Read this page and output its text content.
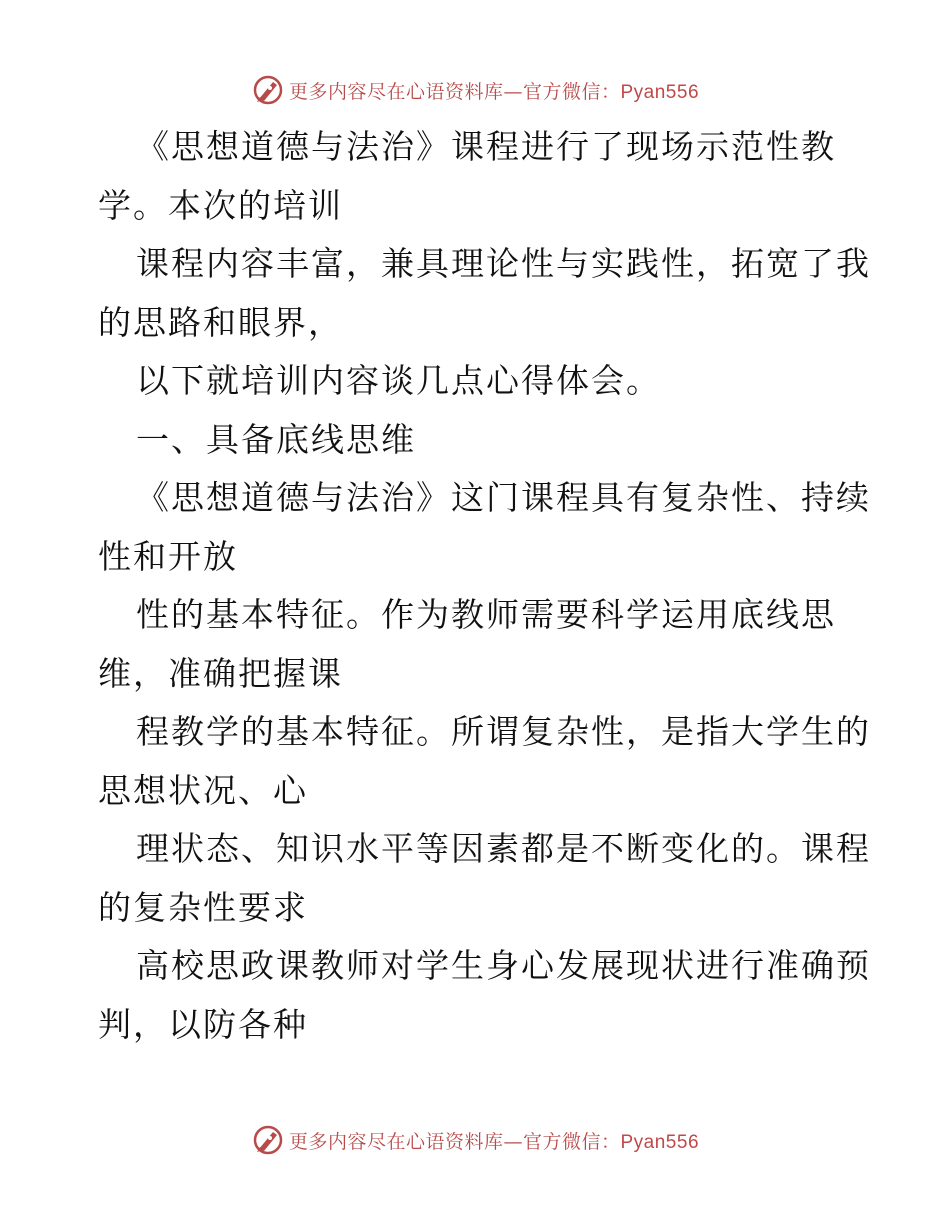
更多内容尽在心语资料库—官方微信：Pyan556
《思想道德与法治》课程进行了现场示范性教
学。本次的培训
课程内容丰富，兼具理论性与实践性，拓宽了我
的思路和眼界，
以下就培训内容谈几点心得体会。
一、具备底线思维
《思想道德与法治》这门课程具有复杂性、持续
性和开放
性的基本特征。作为教师需要科学运用底线思
维，准确把握课
程教学的基本特征。所谓复杂性，是指大学生的
思想状况、心
理状态、知识水平等因素都是不断变化的。课程
的复杂性要求
高校思政课教师对学生身心发展现状进行准确预
判，以防各种
更多内容尽在心语资料库—官方微信：Pyan556
